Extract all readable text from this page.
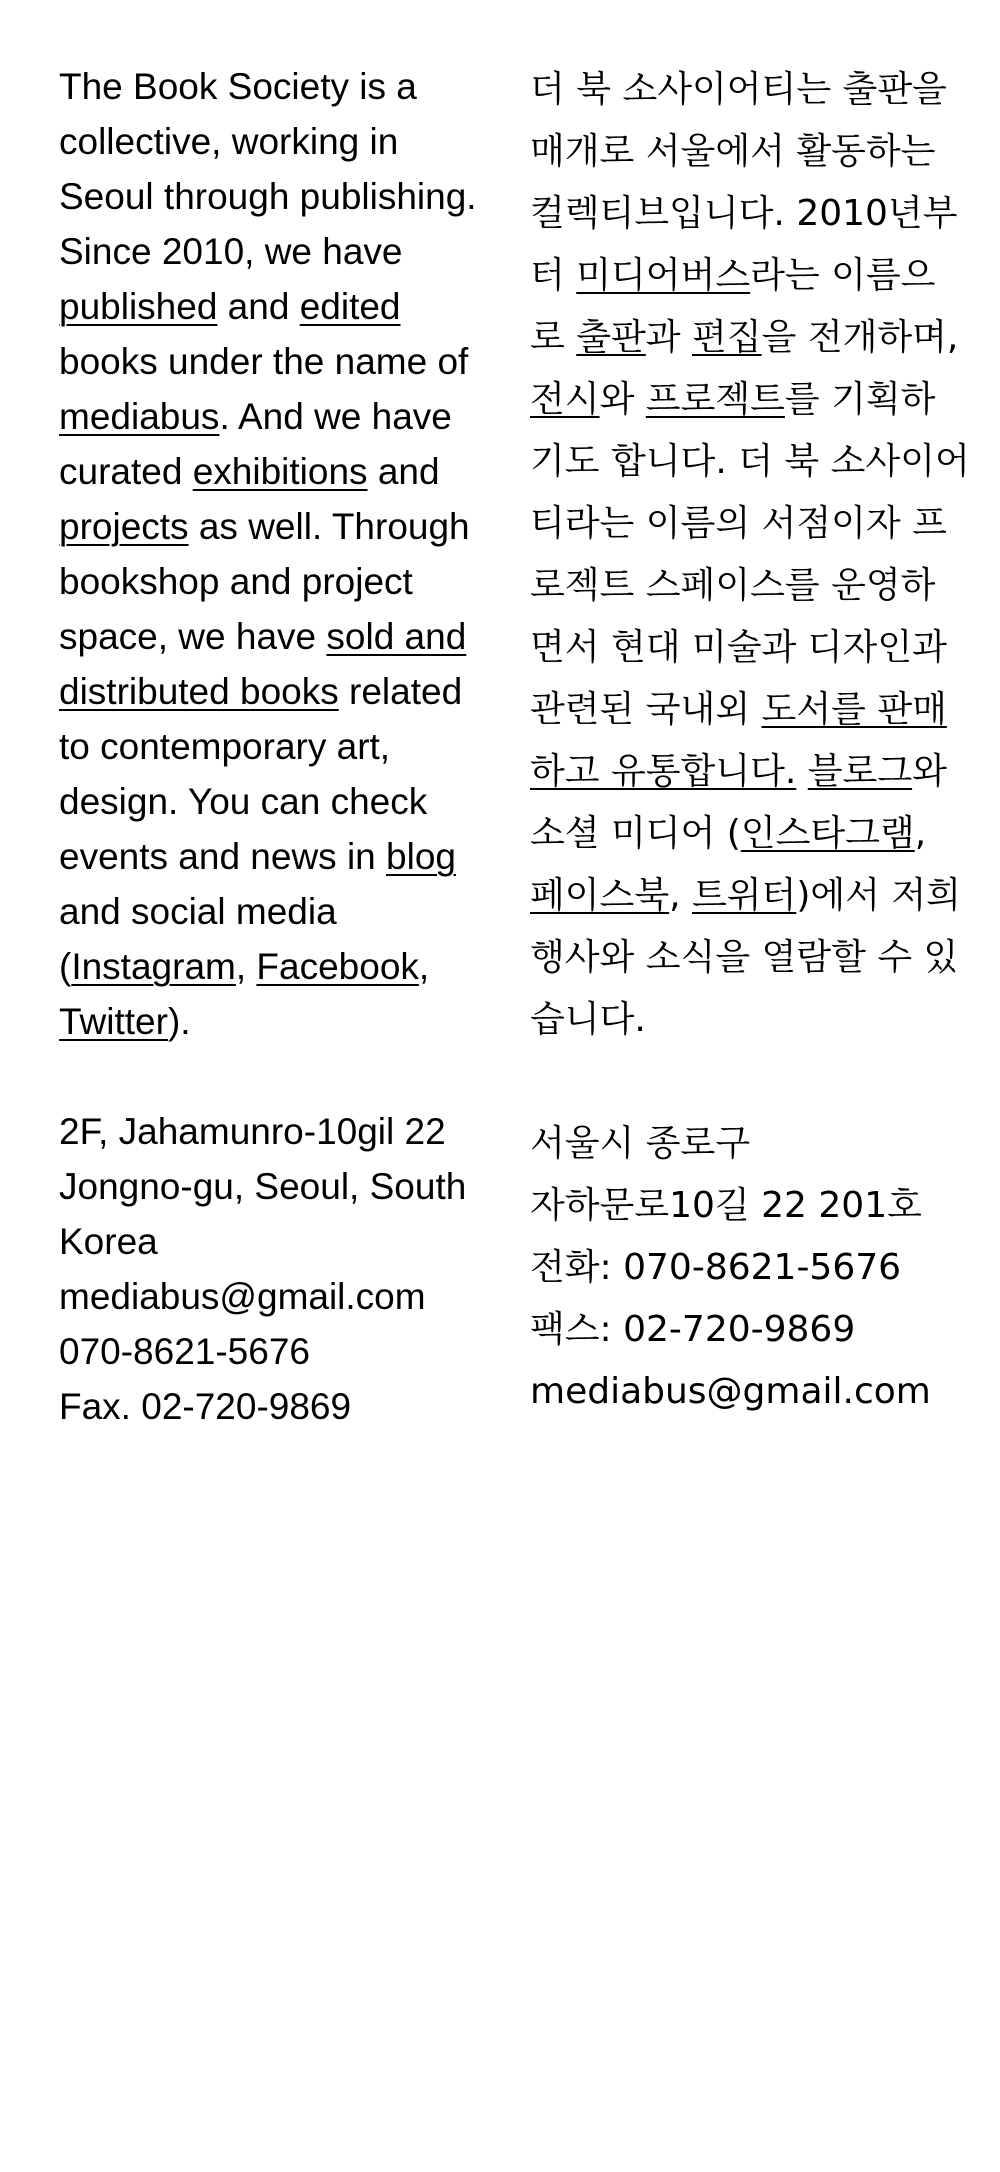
The Book Society is a collective, working in Seoul through publishing. Since 2010, we have published and edited books under the name of mediabus. And we have curated exhibitions and projects as well. Through bookshop and project space, we have sold and distributed books related to contemporary art, design. You can check events and news in blog and social media (Instagram, Facebook, Twitter).

2F, Jahamunro-10gil 22
Jongno-gu, Seoul, South Korea
mediabus@gmail.com
070-8621-5676
Fax. 02-720-9869

더 북 소사이어티는 출판을 매개로 서울에서 활동하는 컬렉티브입니다. 2010년부터 미디어버스라는 이름으로 출판과 편집을 전개하며, 전시와 프로젝트를 기획하기도 합니다. 더 북 소사이어티라는 이름의 서점이자 프로젝트 스페이스를 운영하면서 현대 미술과 디자인과 관련된 국내외 도서를 판매하고 유통합니다. 블로그와 소셜 미디어 (인스타그램, 페이스북, 트위터)에서 저희 행사와 소식을 열람할 수 있습니다.

서울시 종로구
자하문로10길 22 201호
전화: 070-8621-5676
팩스: 02-720-9869
mediabus@gmail.com
